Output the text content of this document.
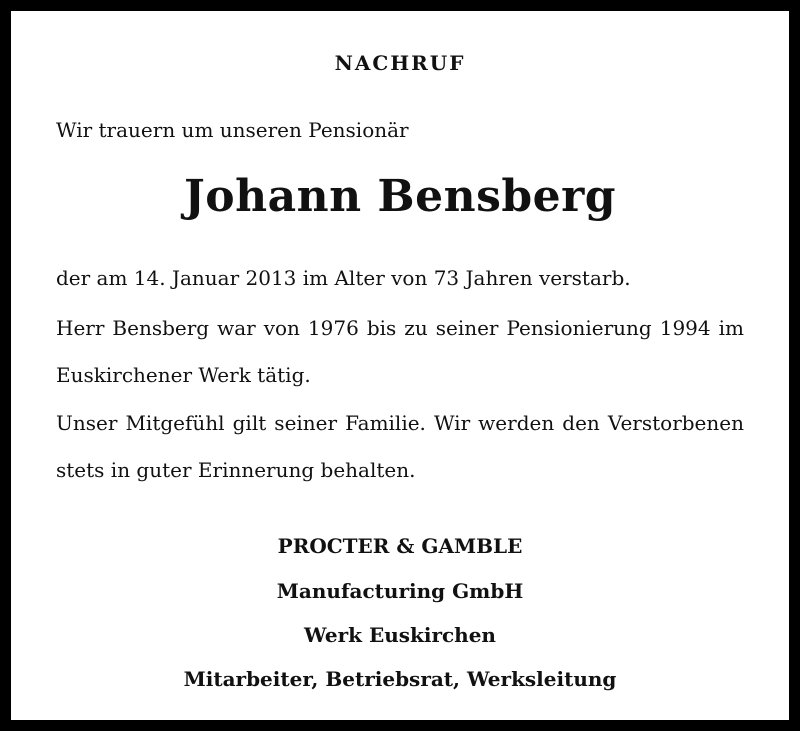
NACHRUF

Wir trauern um unseren Pensionär

Johann Bensberg

der am 14. Januar 2013 im Alter von 73 Jahren verstarb.

Herr Bensberg war von 1976 bis zu seiner Pensionierung 1994 im

Euskirchener Werk tätig.

Unser Mitgefühl gilt seiner Familie. Wir werden den Verstorbenen

stets in guter Erinnerung behalten.

PROCTER & GAMBLE

Manufacturing GmbH

Werk Euskirchen

Mitarbeiter, Betriebsrat, Werksleitung
